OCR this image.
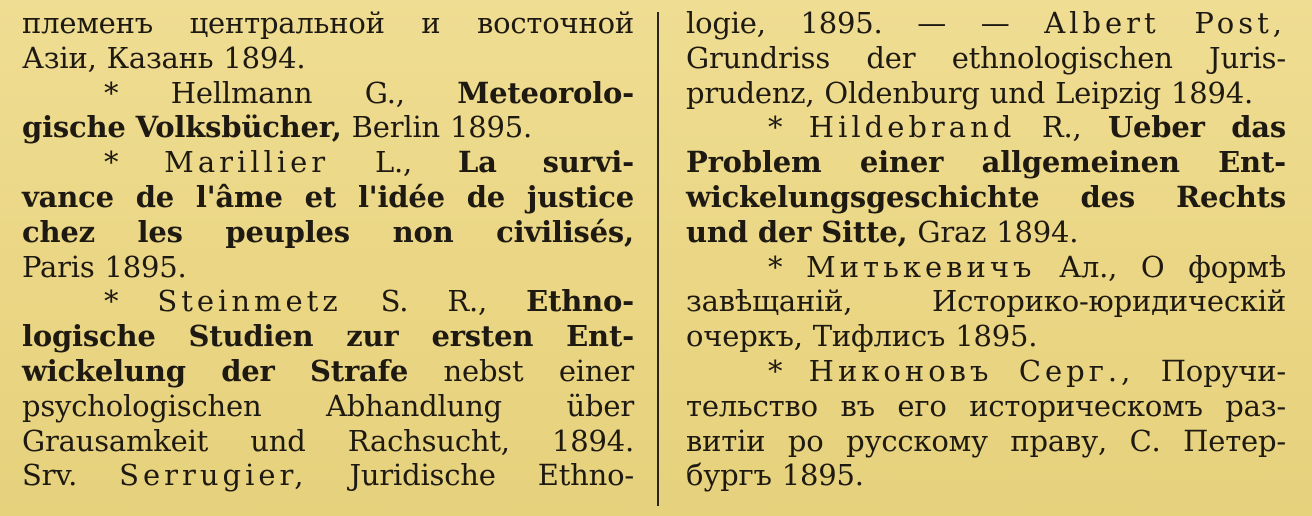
племенъ центральной и восточной
Азіи, Казань 1894.
* Hellmann G., Meteorolo-
gische Volksbücher, Berlin 1895.
* Marillier L., La survi-
vance de l'âme et l'idée de justice
chez les peuples non civilisés,
Paris 1895.
* Steinmetz S. R., Ethno-
logische Studien zur ersten Ent-
wickelung der Strafe nebst einer
psychologischen Abhandlung über
Grausamkeit und Rachsucht, 1894.
Srv. Serrugier, Juridische Ethno-
logie, 1895. — — Albert Post,
Grundriss der ethnologischen Juris-
prudenz, Oldenburg und Leipzig 1894.
* Hildebrand R., Ueber das
Problem einer allgemeinen Ent-
wickelungsgeschichte des Rechts
und der Sitte, Graz 1894.
* Митькевичъ Ал., О формѣ
завѣщаній,	Историко-юридическій
очеркъ, Тифлисъ 1895.
* Никоновъ Серг., Поручи-
тельство въ его историческомъ раз-
витіи ро русскому праву, С. Петер-
бургъ 1895.
